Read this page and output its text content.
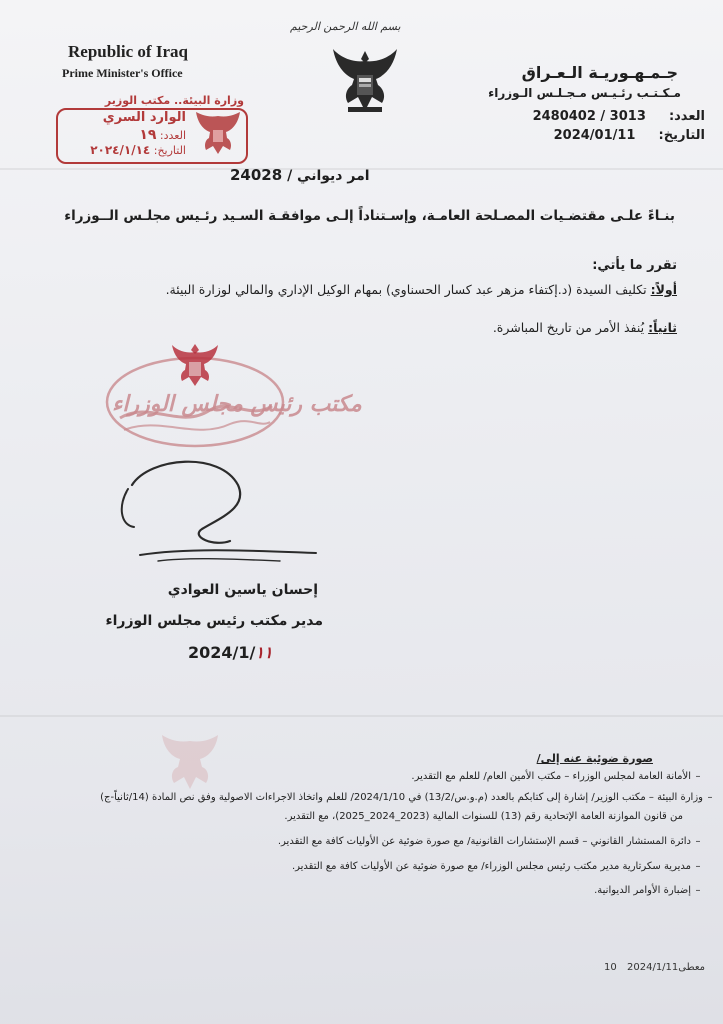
بسم الله الرحمن الرحيم
Republic of Iraq
Prime Minister's Office	جـمـهـوريـة الـعـراق
مـكـتـب رئـيـس مـجـلـس الـوزراء
العدد:  2480402 / 3013
التاريخ:  2024/01/11
وزارة البيئة.. مكتب الوزير
الوارد السري
العدد: ١٩
التاريخ: ٢٠٢٤/١/١٤
امر ديواني / 24028
بنـاءً علـى مقتضـيات المصـلحة العامـة، وإسـتناداً إلـى موافقـة السـيد رئـيس مجلـس الــوزراء
تقرر ما يأتي:
أولاً: تكليف السيدة (د.إكتفاء مزهر عبد كسار الحسناوي) بمهام الوكيل الإداري والمالي لوزارة البيئة.
ثانياً: يُنفذ الأمر من تاريخ المباشرة.
مكتب رئيس مجلس الوزراء
إحسان ياسين العوادي
مدير مكتب رئيس مجلس الوزراء
2024/1/١١
صورة ضوئية عنه إلى/
–الأمانة العامة لمجلس الوزراء – مكتب الأمين العام/ للعلم مع التقدير.
–وزارة البيئة – مكتب الوزير/ إشارة إلى كتابكم بالعدد (م.و.س/13/2) في 2024/1/10/ للعلم واتخاذ الاجراءات الاصولية وفق نص المادة (14/ثانياً-ج)
من قانون الموازنة العامة الإتحادية رقم (13) للسنوات المالية (2023_2024_2025)، مع التقدير.
–دائرة المستشار القانوني – قسم الإستشارات القانونية/ مع صورة ضوئية عن الأوليات كافة مع التقدير.
–مديرية سكرتارية مدير مكتب رئيس مجلس الوزراء/ مع صورة ضوئية عن الأوليات كافة مع التقدير.
–إضبارة الأوامر الديوانية.
10	معطى2024/1/11
